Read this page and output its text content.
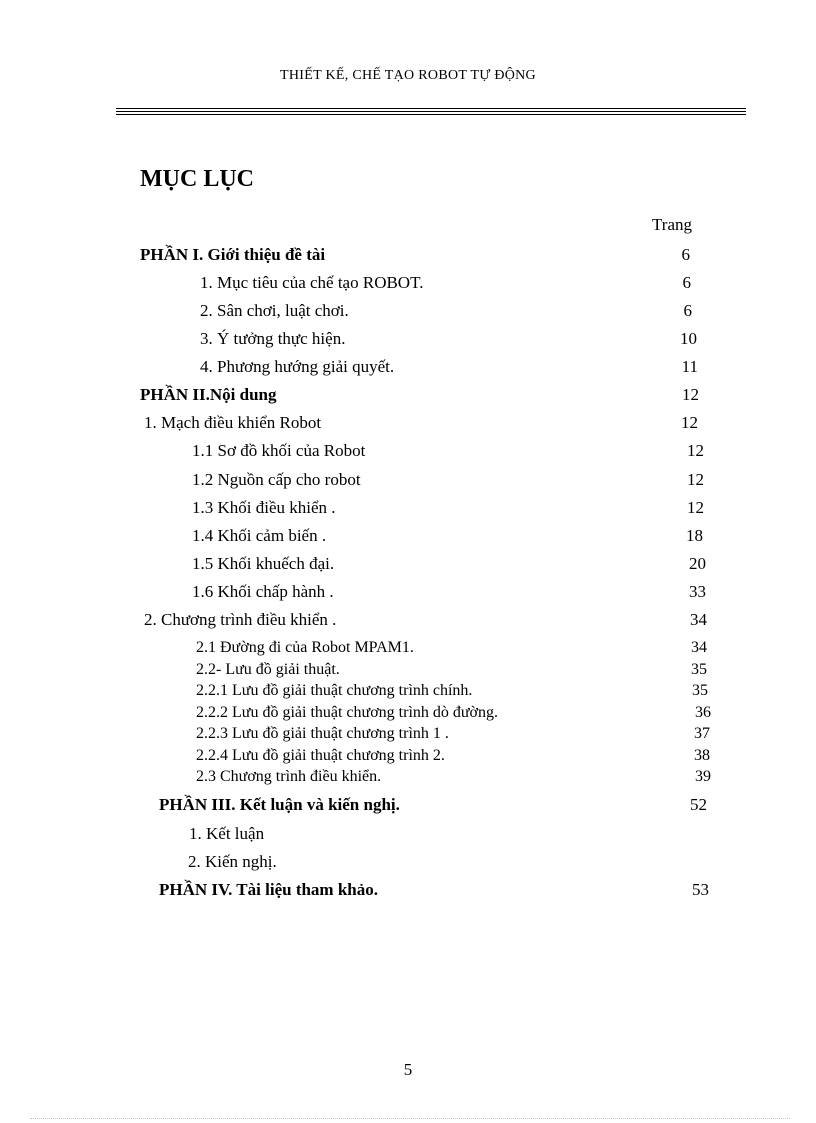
THIẾT KẾ, CHẾ TẠO ROBOT TỰ ĐỘNG
MỤC LỤC
Trang
PHẦN I. Giới thiệu đề tài	6
1. Mục tiêu của chế tạo ROBOT.	6
2. Sân chơi, luật chơi.	6
3. Ý tưởng thực hiện.	10
4. Phương hướng giải quyết.	11
PHẦN II.Nội dung	12
1. Mạch điều khiển Robot	12
1.1 Sơ đồ khối của Robot	12
1.2 Nguồn cấp cho robot	12
1.3 Khối điều khiển .	12
1.4 Khối cảm biến .	18
1.5 Khối khuếch đại.	20
1.6 Khối chấp hành .	33
2. Chương trình điều khiển .	34
2.1 Đường đi của Robot MPAM1.	34
2.2- Lưu đồ giải thuật.	35
2.2.1 Lưu đồ giải thuật chương trình chính.	35
2.2.2 Lưu đồ giải thuật chương trình dò đường.	36
2.2.3 Lưu đồ giải thuật chương trình 1 .	37
2.2.4 Lưu đồ giải thuật chương trình 2.	38
2.3 Chương trình điều khiển.	39
PHẦN III. Kết luận và kiến nghị.	52
1. Kết luận
2. Kiến nghị.
PHẦN IV. Tài liệu tham khảo.	53
5
